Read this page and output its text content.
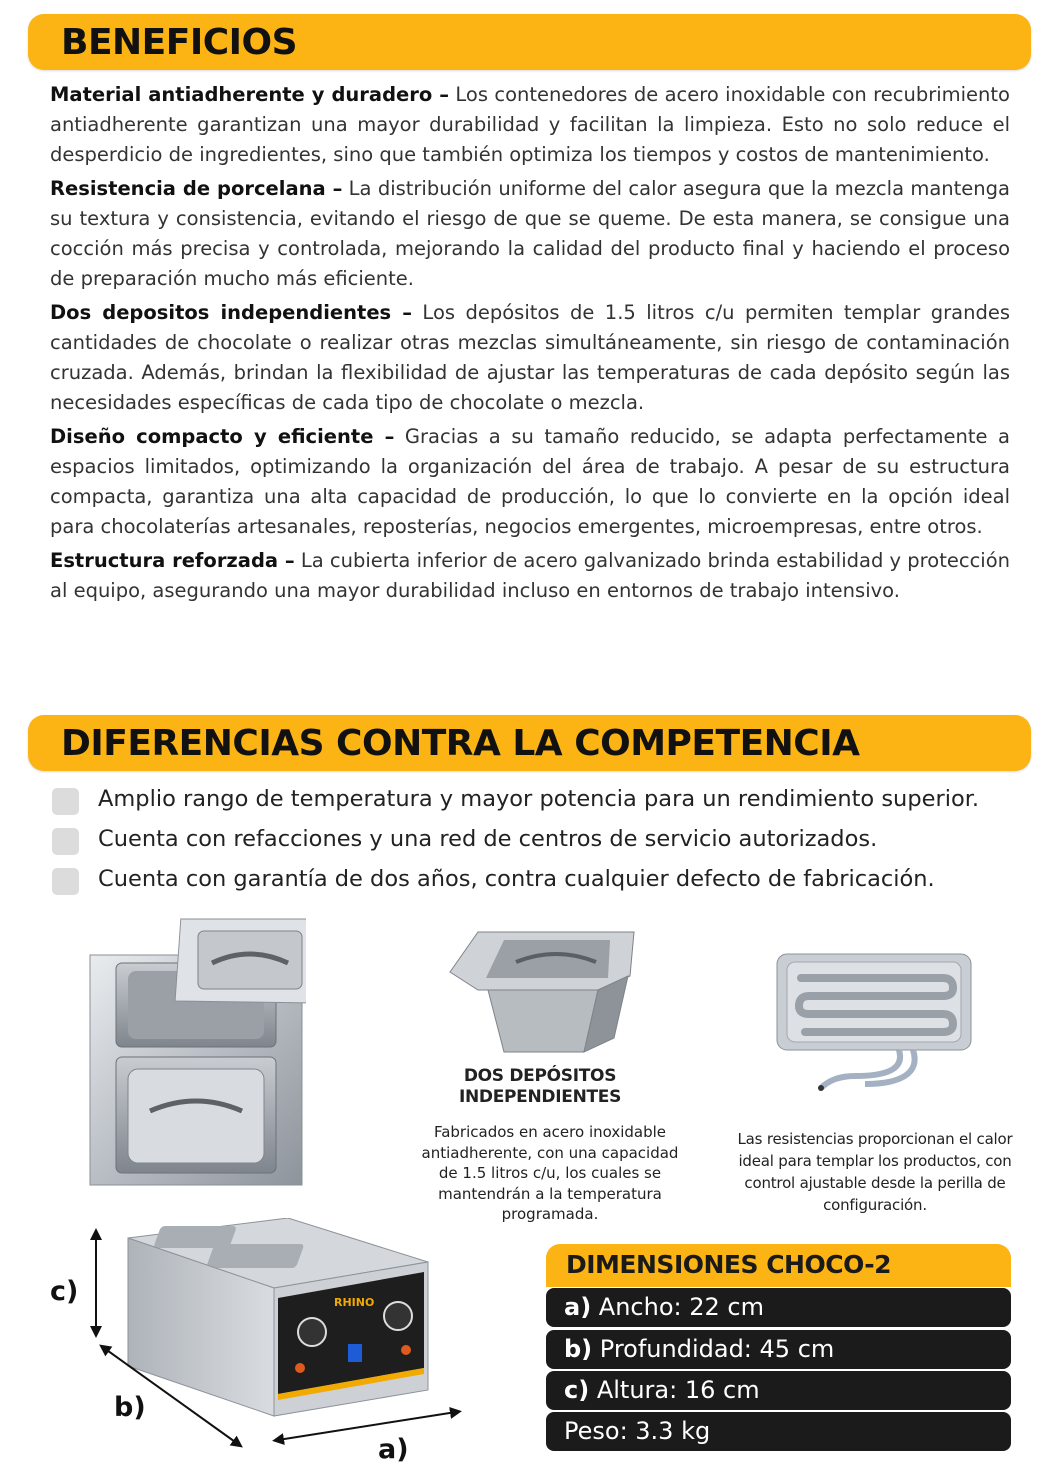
BENEFICIOS

Material antiadherente y duradero – Los contenedores de acero inoxidable con recubrimiento antiadherente garantizan una mayor durabilidad y facilitan la limpieza. Esto no solo reduce el desperdicio de ingredientes, sino que también optimiza los tiempos y costos de mantenimiento.

Resistencia de porcelana – La distribución uniforme del calor asegura que la mezcla mantenga su textura y consistencia, evitando el riesgo de que se queme. De esta manera, se consigue una cocción más precisa y controlada, mejorando la calidad del producto final y haciendo el proceso de preparación mucho más eficiente.

Dos depositos independientes – Los depósitos de 1.5 litros c/u permiten templar grandes cantidades de chocolate o realizar otras mezclas simultáneamente, sin riesgo de contaminación cruzada. Además, brindan la flexibilidad de ajustar las temperaturas de cada depósito según las necesidades específicas de cada tipo de chocolate o mezcla.

Diseño compacto y eficiente – Gracias a su tamaño reducido, se adapta perfectamente a espacios limitados, optimizando la organización del área de trabajo. A pesar de su estructura compacta, garantiza una alta capacidad de producción, lo que lo convierte en la opción ideal para chocolaterías artesanales, reposterías, negocios emergentes, microempresas, entre otros.

Estructura reforzada – La cubierta inferior de acero galvanizado brinda estabilidad y protección al equipo, asegurando una mayor durabilidad incluso en entornos de trabajo intensivo.

DIFERENCIAS CONTRA LA COMPETENCIA
Amplio rango de temperatura y mayor potencia para un rendimiento superior.
Cuenta con refacciones y una red de centros de servicio autorizados.
Cuenta con garantía de dos años, contra cualquier defecto de fabricación.
DOS DEPÓSITOS
INDEPENDIENTES
Fabricados en acero inoxidable
antiadherente, con una capacidad
de 1.5 litros c/u, los cuales se
mantendrán a la temperatura
programada.
Las resistencias proporcionan el calor
ideal para templar los productos, con
control ajustable desde la perilla de
configuración.
RHINO
c)
b)
a)
DIMENSIONES CHOCO-2
a) Ancho: 22 cm
b) Profundidad: 45 cm
c) Altura: 16 cm
Peso: 3.3 kg
